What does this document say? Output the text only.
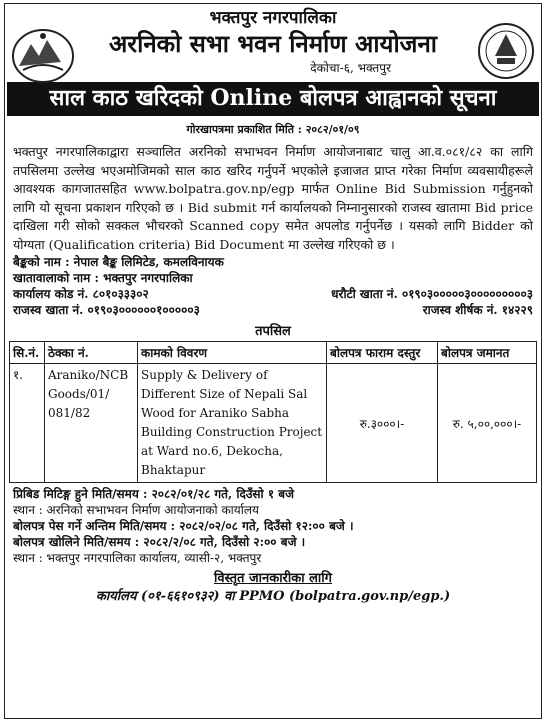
भक्तपुर नगरपालिका
अरनिको सभा भवन निर्माण आयोजना
देकोचा-६, भक्तपुर
साल काठ खरिदको Online बोलपत्र आह्वानको सूचना
गोरखापत्रमा प्रकाशित मिति : २०८२/०१/०९
भक्तपुर नगरपालिकाद्वारा सञ्चालित अरनिको सभाभवन निर्माण आयोजनाबाट चालु आ.व.०८१/८२ का लागि तपसिलमा उल्लेख भएअमोजिमको साल काठ खरिद गर्नुपर्ने भएकोले इजाजत प्राप्त गरेका निर्माण व्यवसायीहरूले आवश्यक कागजातसहित www.bolpatra.gov.np/egp मार्फत Online Bid Submission गर्नुहुनको लागि यो सूचना प्रकाशन गरिएको छ । Bid submit गर्न कार्यालयको निम्नानुसारको राजस्व खातामा Bid price दाखिला गरी सोको सक्कल भौचरको Scanned copy समेत अपलोड गर्नुपर्नेछ । यसको लागि Bidder को योग्यता (Qualification criteria) Bid Document मा उल्लेख गरिएको छ ।
बैङ्कको नाम : नेपाल बैङ्क लिमिटेड, कमलविनायक
खातावालाको नाम : भक्तपुर नगरपालिका
कार्यालय कोड नं. ८०१०३३३०२	धरौटी खाता नं. ०१९०३०००००३०००००००००३
राजस्व खाता नं. ०१९०३००००००१०००००३	राजस्व शीर्षक नं. १४२२९
तपसिल
सि.नं.	ठेक्का नं.	कामको विवरण	बोलपत्र फाराम दस्तुर	बोलपत्र जमानत
१.	Araniko/NCB Goods/01/ 081/82	Supply & Delivery of Different Size of Nepali Sal Wood for Araniko Sabha Building Construction Project at Ward no.6, Dekocha, Bhaktapur	रु.३०००।-	रु. ५,००,०००।-
प्रिबिड मिटिङ्ग हुने मिति/समय : २०८२/०१/२८ गते, दिउँसो १ बजे
स्थान : अरनिको सभाभवन निर्माण आयोजनाको कार्यालय
बोलपत्र पेस गर्ने अन्तिम मिति/समय : २०८२/०२/०८ गते, दिउँसो १२:०० बजे ।
बोलपत्र खोलिने मिति/समय : २०८२/२/०८ गते, दिउँसो २:०० बजे ।
स्थान : भक्तपुर नगरपालिका कार्यालय, व्यासी-२, भक्तपुर
विस्तृत जानकारीका लागि
कार्यालय (०१-६६१०९३२) वा PPMO (bolpatra.gov.np/egp.)
